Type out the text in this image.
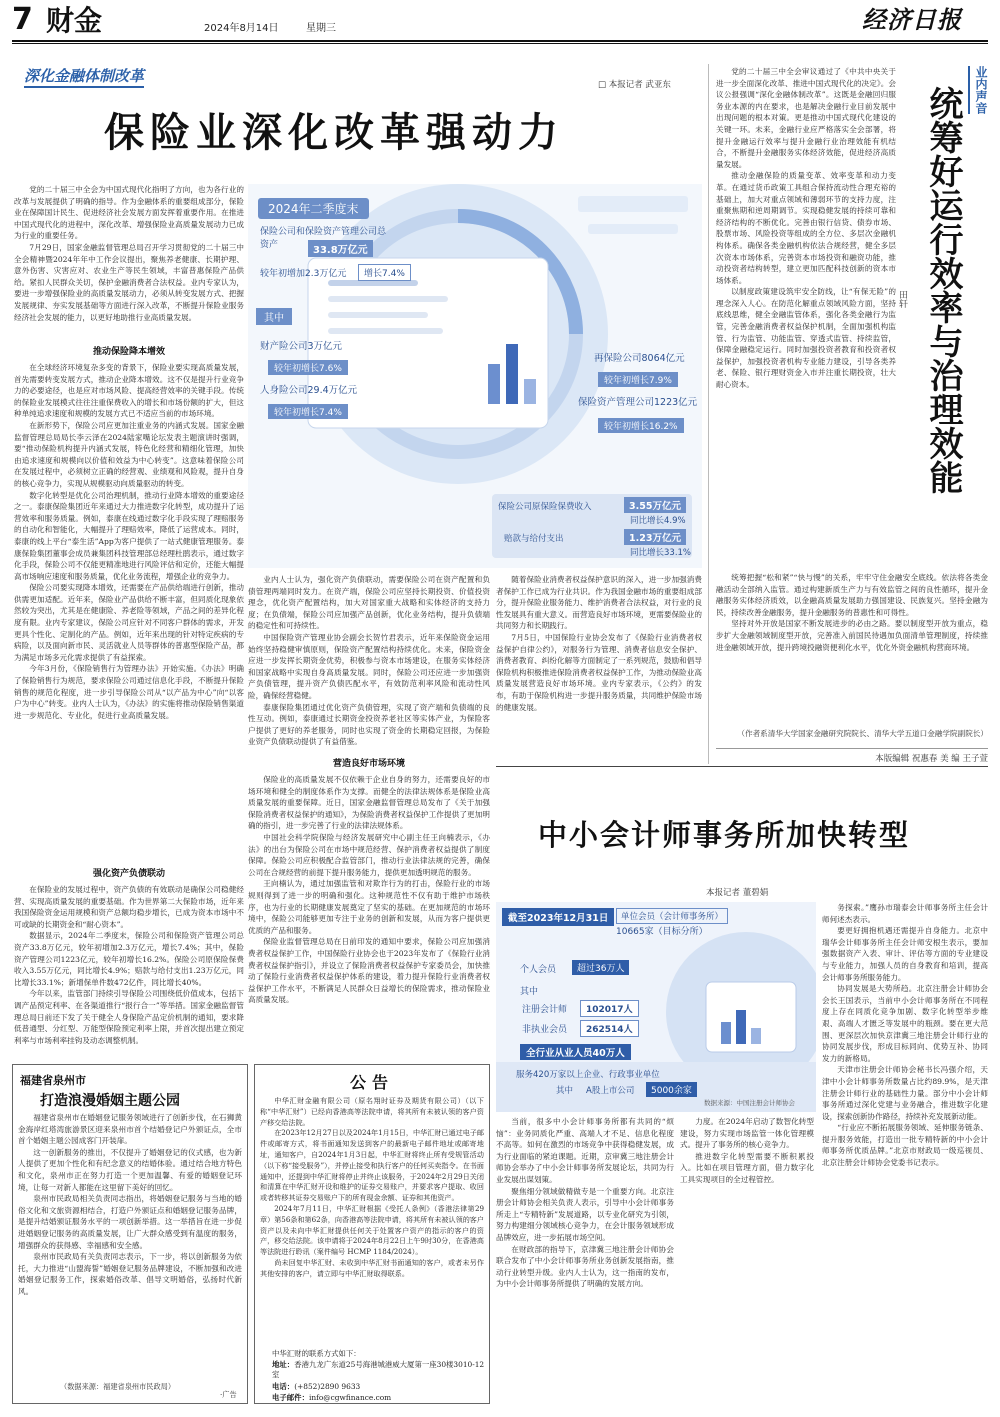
7 财金	2024年8月14日	星期三	经济日报
深化金融体制改革	□ 本报记者 武亚东
保险业深化改革强动力

党的二十届三中全会为中国式现代化指明了方向，也为各行业的改革与发展提供了明确的指导。作为金融体系的重要组成部分，保险业在保障国计民生、促进经济社会发展方面发挥着重要作用。在推进中国式现代化的进程中，深化改革、增强保险业高质量发展动力已成为行业的重要任务。

7月29日，国家金融监督管理总局召开学习贯彻党的二十届三中全会精神暨2024年年中工作会议提出，聚焦养老健康、长期护理、意外伤害、灾害应对、农业生产等民生领域，丰富普惠保险产品供给。紧扣人民群众关切，保护金融消费者合法权益。业内专家认为，要进一步增强保险业的高质量发展动力，必须从转变发展方式、把握发展规律、夯实发展基础等方面进行深入改革，不断提升保险业服务经济社会发展的能力，以更好地助推行业高质量发展。

推动保险降本增效

在全球经济环境复杂多变的背景下，保险业要实现高质量发展，首先需要转变发展方式，推动企业降本增效。这不仅是提升行业竞争力的必要途径，也是应对市场风险、提高经营效率的关键手段。传统的保险业发展模式往往注重保费收入的增长和市场份额的扩大，但这种单纯追求速度和规模的发展方式已不适应当前的市场环境。

在新形势下，保险公司应更加注重业务的内涵式发展。国家金融监督管理总局局长李云泽在2024陆家嘴论坛发表主题演讲时强调，要“推动保险机构提升内涵式发展，特色化经营和精细化管理，加快由追求速度和规模向以价值和效益为中心转变”。这意味着保险公司在发展过程中，必须树立正确的经营观、业绩观和风险观，提升自身的核心竞争力，实现从规模驱动向质量驱动的转变。

数字化转型是优化公司治理机制，推动行业降本增效的重要途径之一。泰康保险集团近年来通过大力推进数字化转型，成功提升了运营效率和服务质量。例如，泰康在线通过数字化手段实现了理赔服务的自动化和智能化，大幅提升了理赔效率，降低了运营成本。同时，泰康的线上平台“泰生活”App为客户提供了一站式健康管理服务。泰康保险集团董事会成员兼集团科技管理部总经理杜鹃表示，通过数字化手段，保险公司不仅能更精准地进行风险评估和定价，还能大幅提高市场响应速度和服务质量，优化业务流程，增强企业的竞争力。

保险公司要实现降本增效，还需要在产品供给端进行创新，推动供需更加适配。近年来，保险业产品供给不断丰富，但同质化现象依然较为突出，尤其是在健康险、养老险等领域，产品之间的差异化程度有限。业内专家建议，保险公司应针对不同客户群体的需求，开发更具个性化、定制化的产品。例如，近年来出现的针对特定疾病的专病险，以及面向新市民、灵活就业人员等群体的普惠型保险产品，都为满足市场多元化需求提供了有益探索。

今年3月份，《保险销售行为管理办法》开始实施。《办法》明确了保险销售行为规范，要求保险公司通过信息化手段，不断提升保险销售的规范化程度，进一步引导保险公司从“以产品为中心”向“以客户为中心”转变。业内人士认为，《办法》的实施将推动保险销售渠道进一步规范化、专业化，促进行业高质量发展。

强化资产负债联动

在保险业的发展过程中，资产负债的有效联动是确保公司稳健经营、实现高质量发展的重要基础。作为世界第二大保险市场，近年来我国保险资金运用规模和资产总额均稳步增长，已成为资本市场中不可或缺的长期资金和“耐心资本”。

数据显示，2024年二季度末，保险公司和保险资产管理公司总资产33.8万亿元，较年初增加2.3万亿元，增长7.4%；其中，保险资产管理公司1223亿元，较年初增长16.2%。保险公司原保险保费收入3.55万亿元，同比增长4.9%；赔款与给付支出1.23万亿元，同比增长33.1%；新增保单件数472亿件，同比增长40%。

今年以来，监管部门持续引导保险公司围绕低价值成本，包括下调产品预定利率、在各渠道推行“报行合一”等举措。国家金融监督管理总局日前还下发了关于健全人身保险产品定价机制的通知，要求降低普通型、分红型、万能型保险预定利率上限，并首次提出建立预定利率与市场利率挂钩及动态调整机制。

2024年二季度末
保险公司和保险资产管理公司总资产	33.8万亿元
较年初增加2.3万亿元	增长7.4%
其中
财产险公司3万亿元
较年初增长7.6%
人身险公司29.4万亿元
较年初增长7.4%
再保险公司8064亿元
较年初增长7.9%
保险资产管理公司1223亿元
较年初增长16.2%
保险公司原保险保费收入	3.55万亿元
同比增长4.9%
赔款与给付支出	1.23万亿元
同比增长33.1%

业内人士认为，强化资产负债联动，需要保险公司在资产配置和负债管理两端同时发力。在资产端，保险公司应坚持长期投资、价值投资理念，优化资产配置结构，加大对国家重大战略和实体经济的支持力度；在负债端，保险公司应加强产品创新，优化业务结构，提升负债端的稳定性和可持续性。

中国保险资产管理业协会副会长贺竹君表示，近年来保险资金运用始终坚持稳健审慎原则，保险资产配置结构持续优化。未来，保险资金应进一步发挥长期资金优势，积极参与资本市场建设，在服务实体经济和国家战略中实现自身高质量发展。同时，保险公司还应进一步加强资产负债管理，提升资产负债匹配水平，有效防范利率风险和流动性风险，确保经营稳健。

泰康保险集团通过优化资产负债管理，实现了资产端和负债端的良性互动。例如，泰康通过长期资金投资养老社区等实体产业，为保险客户提供了更好的养老服务，同时也实现了资金的长期稳定回报，为保险业资产负债联动提供了有益借鉴。

营造良好市场环境

保险业的高质量发展不仅依赖于企业自身的努力，还需要良好的市场环境和健全的制度体系作为支撑。而健全的法律法规体系是保险业高质量发展的重要保障。近日，国家金融监督管理总局发布了《关于加强保险消费者权益保护的通知》，为保险消费者权益保护工作提供了更加明确的指引，进一步完善了行业的法律法规体系。

中国社会科学院保险与经济发展研究中心副主任王向楠表示，《办法》的出台为保险公司在市场中规范经营、保护消费者权益提供了制度保障。保险公司应积极配合监管部门，推动行业法律法规的完善，确保公司在合规经营的前提下提升服务能力，提供更加透明规范的服务。

王向楠认为，通过加强监管和对欺诈行为的打击，保险行业的市场规则得到了进一步的明确和强化。这种规范性不仅有助于维护市场秩序，也为行业的长期健康发展奠定了坚实的基础。在更加规范的市场环境中，保险公司能够更加专注于业务的创新和发展，从而为客户提供更优质的产品和服务。

保险业监督管理总局在日前印发的通知中要求，保险公司应加强消费者权益保护工作，中国保险行业协会也于2023年发布了《保险行业消费者权益保护指引》，并设立了保险消费者权益保护专家委员会，加快推动了保险行业消费者权益保护体系的建设，着力提升保险行业消费者权益保护工作水平，不断满足人民群众日益增长的保险需求，推动保险业高质量发展。

随着保险业消费者权益保护意识的深入，进一步加强消费者保护工作已成为行业共识。作为我国金融市场的重要组成部分，提升保险业服务能力、维护消费者合法权益，对行业的良性发展具有重大意义。而营造良好市场环境，更需要保险业的共同努力和长期践行。

7月5日，中国保险行业协会发布了《保险行业消费者权益保护自律公约》，对服务行为管理、消费者信息安全保护、消费者教育、纠纷化解等方面制定了一系列规范，鼓励和倡导保险机构积极推进保险消费者权益保护工作，为推动保险业高质量发展营造良好市场环境。业内专家表示，《公约》的发布，有助于保险机构进一步提升服务质量，共同维护保险市场的健康发展。

业内声音
统筹好运行效率与治理效能
田轩

党的二十届三中全会审议通过了《中共中央关于进一步全面深化改革、推进中国式现代化的决定》。会议公报强调“深化金融体制改革”。这既是金融回归服务业本源的内在要求，也是解决金融行业目前发展中出现问题的根本对策。更是推动中国式现代化建设的关键一环。未来，金融行业应严格落实全会部署，将提升金融运行效率与提升金融行业治理效能有机结合，不断提升金融服务实体经济效能，促进经济高质量发展。

推动金融保险的质量变革、效率变革和动力变革。在通过货币政策工具组合保持流动性合理充裕的基础上，加大对重点领域和薄弱环节的支持力度，注重聚焦期和逆周期调节。实现稳健发展的持续可靠和经济结构的不断优化。完善由银行信贷、债券市场、股票市场、风险投资等组成的全方位、多层次金融机构体系。确保各类金融机构依法合规经营，健全多层次资本市场体系，完善资本市场投资和融资功能，推动投资者结构转型，建立更加匹配科技创新的资本市场体系。

以制度政策建设筑牢安全防线，让“有保无险”的理念深入人心。在防范化解重点领域风险方面，坚持底线思维，健全金融监管体系，强化各类金融行为监管，完善金融消费者权益保护机制，全面加强机构监管、行为监管、功能监管、穿透式监管、持续监管，保障金融稳定运行。同时加强投资者教育和投资者权益保护，加强投资者机构专业能力建设，引导各类养老、保险、银行理财资金入市并注重长期投资，壮大耐心资本。

统筹把握“松和紧”“快与慢”的关系，牢牢守住金融安全底线。依法将各类金融活动全部纳入监管。通过构建新质生产力与有效监管之间的良性循环，提升金融服务实体经济质效，以金融高质量发展助力强国建设、民族复兴。坚持金融为民，持续改善金融服务，提升金融服务的普惠性和可得性。

坚持对外开放是国家不断发展进步的必由之路。要以制度型开放为重点，稳步扩大金融领域制度型开放，完善准入前国民待遇加负面清单管理制度，持续推进金融领域开放，提升跨境投融资便利化水平，优化外资金融机构营商环境。

（作者系清华大学国家金融研究院院长、清华大学五道口金融学院副院长）
本版编辑 祝惠春 美 编 王子萱
中小会计师事务所加快转型
本报记者 董碧娟
截至2023年12月31日	单位会员（会计师事务所）
10665家（目标分所）
个人会员	超过36万人
其中
注册会计师	102017人
非执业会员	262514人
全行业从业人员40万人
服务420万家以上企业、行政事业单位
其中 A股上市公司	5000余家
数据来源：中国注册会计师协会

当前，很多中小会计师事务所都有共同的“烦恼”：业务同质化严重、高端人才不足、信息化程度不高等。如何在激烈的市场竞争中获得稳健发展，成为行业面临的紧迫课题。近期，京审冀三地注册会计师协会举办了中小会计师事务所发展论坛，共同为行业发展出谋划策。

聚焦细分领域做精做专是一个重要方向。北京注册会计师协会相关负责人表示，引导中小会计师事务所走上“专精特新”发展道路，以专业化研究为引领，努力构建细分领域核心竞争力，在会计服务领域形成品牌效应，进一步拓展市场空间。

在财政部的指导下，京津冀三地注册会计师协会联合发布了中小会计师事务所业务创新发展指南，推动行业转型升级。业内人士认为，这一指南的发布，为中小会计师事务所提供了明确的发展方向。

力度。在2024年启动了数智化转型建设，努力实现市场监管一体化管理模式。提升了事务所的核心竞争力。

推进数字化转型需要不断积累投入。比如在项目管理方面，借力数字化工具实现项目的全过程管控。

务探索。”鹰孙市瑞泰会计师事务所主任会计师何述杰表示。

要更好拥抱机遇还需提升自身能力。北京中瑞华会计师事务所主任会计师安根生表示，要加强数据资产入表、审计、评估等方面的专业建设与专业能力，加强人员的自身教育和培训，提高会计师事务所服务能力。

协同发展是大势所趋。北京注册会计师协会会长王国表示，当前中小会计师事务所在不同程度上存在同质化竞争加剧、数字化转型举步维艰、高端人才匮乏等发展中的瓶颈。要在更大范围、更深层次加快京津冀三地注册会计师行业的协同发展步伐，形成目标同向、优势互补、协同发力的新格局。

天津市注册会计师协会秘书长冯强介绍，天津中小会计师事务所数量占比约89.9%，是天津注册会计师行业的基础性力量。部分中小会计师事务所通过深化党建与业务融合，推进数字化建设，探索创新协作路径，持续补充发展新动能。

“行业应不断拓展服务领域、延伸服务链条、提升服务效能，打造出一批专精特新的中小会计师事务所优质品牌。”北京市财政局一级巡视员、北京注册会计师协会党委书记表示。

福建省泉州市
打造浪漫婚姻主题公园

福建省泉州市在婚姻登记服务领域进行了创新步伐，在石狮黄金海岸红塔湾旅游景区迎来泉州市首个结婚登记户外颁证点，全市首个婚姻主题公园成客门开装扉。

这一创新服务的推出，不仅提升了婚姻登记的仪式感，也为新人提供了更加个性化和有纪念意义的结婚体验。通过结合地方特色和文化，泉州市正在努力打造一个更加温馨、有爱的婚姻登记环境，让每一对新人都能在这里留下美好的回忆。

泉州市民政局相关负责同志指出，将婚姻登记服务与当地的婚俗文化和文旅资源相结合，打造户外颁证点和婚姻登记服务品牌，是提升结婚颁证服务水平的一项创新举措。这一举措旨在进一步促进婚姻登记服务的高质量发展，让广大群众感受到有温度的服务，增强群众的获得感、幸福感和安全感。

泉州市民政局有关负责同志表示，下一步，将以创新服务为依托，大力推进“山盟海誓”婚姻登记服务品牌建设，不断加强和改进婚姻登记服务工作，探索婚俗改革、倡导文明婚俗，弘扬时代新风。

（数据来源：福建省泉州市民政局）
·广告
公告

中华汇财金融有限公司（原名翔时证券及期货有限公司）（以下称“中华汇财”）已经向香港高等法院申请，将其所有未被认领的客户资产移交给法院。

在2023年12月27日以及2024年1月15日，中华汇财已通过电子邮件或邮寄方式，将书面通知发送到客户的最新电子邮件地址或邮寄地址，通知客户，自2024年1月3日起，中华汇财将终止所有受规管活动（以下称“接受服务”），并停止接受和执行客户的任何买卖指令。在书面通知中，还提到中华汇财将停止并终止该服务，于2024年2月29日关闭和清算在中华汇财开设和维护的证券交易账户，并要求客户提取、收回或者转移其证券交易账户下的所有现金余额、证券和其他资产。

2024年7月11日，中华汇财根据《受托人条例》（香港法律第29章）第56条和第62条，向香港高等法院申请，将其所有未被认领的客户资产以及未向中华汇财提供任何关于处置客户资产的指示的客户的资产，移交给法院。该申请将于2024年8月22日上午9时30分，在香港高等法院进行聆讯（案件编号 HCMP 1184/2024）。

尚未回复中华汇财、未收到中华汇财书面通知的客户，或者未另作其他安排的客户，请立即与中华汇财取得联系。

中华汇财的联系方式如下：
地址：香港九龙广东道25号海港城港威大厦第一座30楼3010-12室
电话：(+852)2890 9633
电子邮件：info@cgwfinance.com
